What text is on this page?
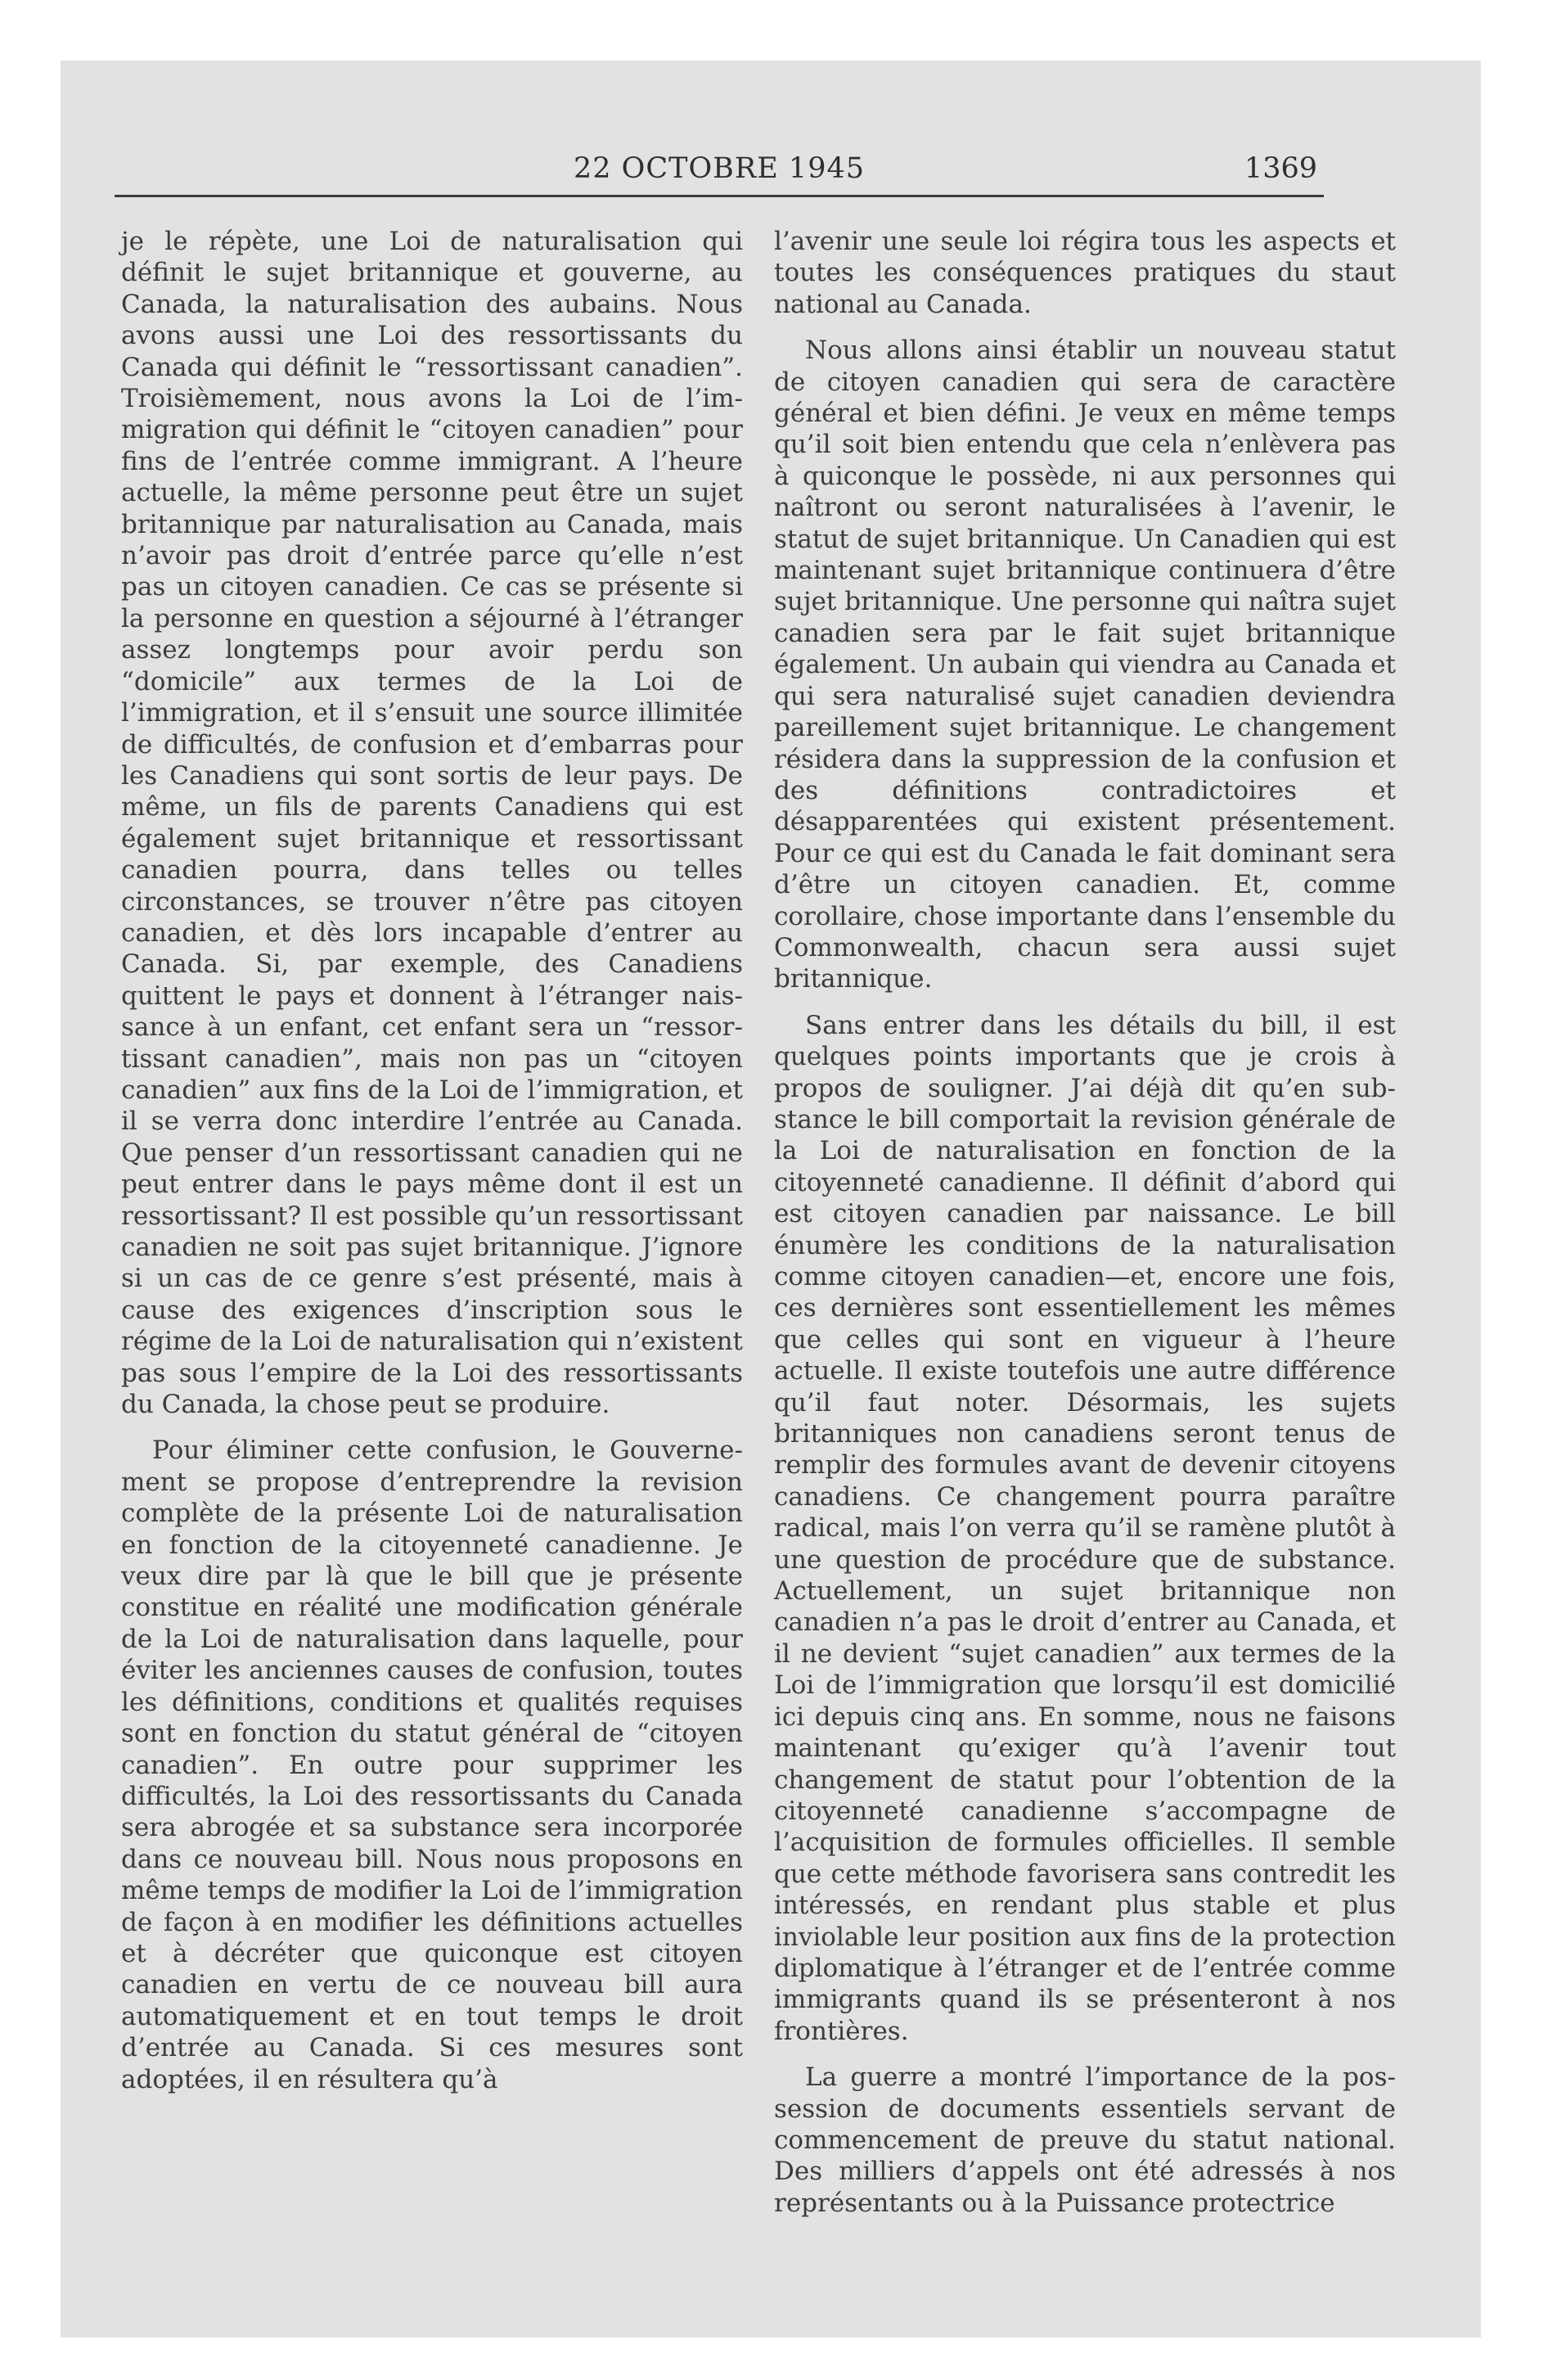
22 OCTOBRE 1945	1369

je le répète, une Loi de naturalisation qui définit le sujet britannique et gouverne, au Canada, la naturalisation des aubains. Nous avons aussi une Loi des ressortissants du Canada qui définit le “ressortissant canadien”. Troisièmement, nous avons la Loi de l’immigration qui définit le “citoyen canadien” pour fins de l’entrée comme immigrant. A l’heure actuelle, la même personne peut être un sujet britannique par naturalisation au Canada, mais n’avoir pas droit d’entrée parce qu’elle n’est pas un citoyen canadien. Ce cas se présente si la personne en question a séjourné à l’étranger assez longtemps pour avoir perdu son “domicile” aux termes de la Loi de l’immigration, et il s’ensuit une source illimitée de difficultés, de confusion et d’embarras pour les Canadiens qui sont sortis de leur pays. De même, un fils de parents Canadiens qui est également sujet britannique et ressortissant canadien pourra, dans telles ou telles circonstances, se trouver n’être pas citoyen canadien, et dès lors incapable d’entrer au Canada. Si, par exemple, des Canadiens quittent le pays et donnent à l’étranger naissance à un enfant, cet enfant sera un “ressortissant canadien”, mais non pas un “citoyen canadien” aux fins de la Loi de l’immigration, et il se verra donc interdire l’entrée au Canada. Que penser d’un ressortissant canadien qui ne peut entrer dans le pays même dont il est un ressortissant? Il est possible qu’un ressortissant canadien ne soit pas sujet britannique. J’ignore si un cas de ce genre s’est présenté, mais à cause des exigences d’inscription sous le régime de la Loi de naturalisation qui n’existent pas sous l’empire de la Loi des ressortissants du Canada, la chose peut se produire.

Pour éliminer cette confusion, le Gouvernement se propose d’entreprendre la revision complète de la présente Loi de naturalisation en fonction de la citoyenneté canadienne. Je veux dire par là que le bill que je présente constitue en réalité une modification générale de la Loi de naturalisation dans laquelle, pour éviter les anciennes causes de confusion, toutes les définitions, conditions et qualités requises sont en fonction du statut général de “citoyen canadien”. En outre pour supprimer les difficultés, la Loi des ressortissants du Canada sera abrogée et sa substance sera incorporée dans ce nouveau bill. Nous nous proposons en même temps de modifier la Loi de l’immigration de façon à en modifier les définitions actuelles et à décréter que quiconque est citoyen canadien en vertu de ce nouveau bill aura automatiquement et en tout temps le droit d’entrée au Canada. Si ces mesures sont adoptées, il en résultera qu’à

l’avenir une seule loi régira tous les aspects et toutes les conséquences pratiques du staut national au Canada.

Nous allons ainsi établir un nouveau statut de citoyen canadien qui sera de caractère général et bien défini. Je veux en même temps qu’il soit bien entendu que cela n’enlèvera pas à quiconque le possède, ni aux personnes qui naîtront ou seront naturalisées à l’avenir, le statut de sujet britannique. Un Canadien qui est maintenant sujet britannique continuera d’être sujet britannique. Une personne qui naîtra sujet canadien sera par le fait sujet britannique également. Un aubain qui viendra au Canada et qui sera naturalisé sujet canadien deviendra pareillement sujet britannique. Le changement résidera dans la suppression de la confusion et des définitions contradictoires et désapparentées qui existent présentement. Pour ce qui est du Canada le fait dominant sera d’être un citoyen canadien. Et, comme corollaire, chose importante dans l’ensemble du Commonwealth, chacun sera aussi sujet britannique.

Sans entrer dans les détails du bill, il est quelques points importants que je crois à propos de souligner. J’ai déjà dit qu’en substance le bill comportait la revision générale de la Loi de naturalisation en fonction de la citoyenneté canadienne. Il définit d’abord qui est citoyen canadien par naissance. Le bill énumère les conditions de la naturalisation comme citoyen canadien—et, encore une fois, ces dernières sont essentiellement les mêmes que celles qui sont en vigueur à l’heure actuelle. Il existe toutefois une autre différence qu’il faut noter. Désormais, les sujets britanniques non canadiens seront tenus de remplir des formules avant de devenir citoyens canadiens. Ce changement pourra paraître radical, mais l’on verra qu’il se ramène plutôt à une question de procédure que de substance. Actuellement, un sujet britannique non canadien n’a pas le droit d’entrer au Canada, et il ne devient “sujet canadien” aux termes de la Loi de l’immigration que lorsqu’il est domicilié ici depuis cinq ans. En somme, nous ne faisons maintenant qu’exiger qu’à l’avenir tout changement de statut pour l’obtention de la citoyenneté canadienne s’accompagne de l’acquisition de formules officielles. Il semble que cette méthode favorisera sans contredit les intéressés, en rendant plus stable et plus inviolable leur position aux fins de la protection diplomatique à l’étranger et de l’entrée comme immigrants quand ils se présenteront à nos frontières.

La guerre a montré l’importance de la possession de documents essentiels servant de commencement de preuve du statut national. Des milliers d’appels ont été adressés à nos représentants ou à la Puissance protectrice
